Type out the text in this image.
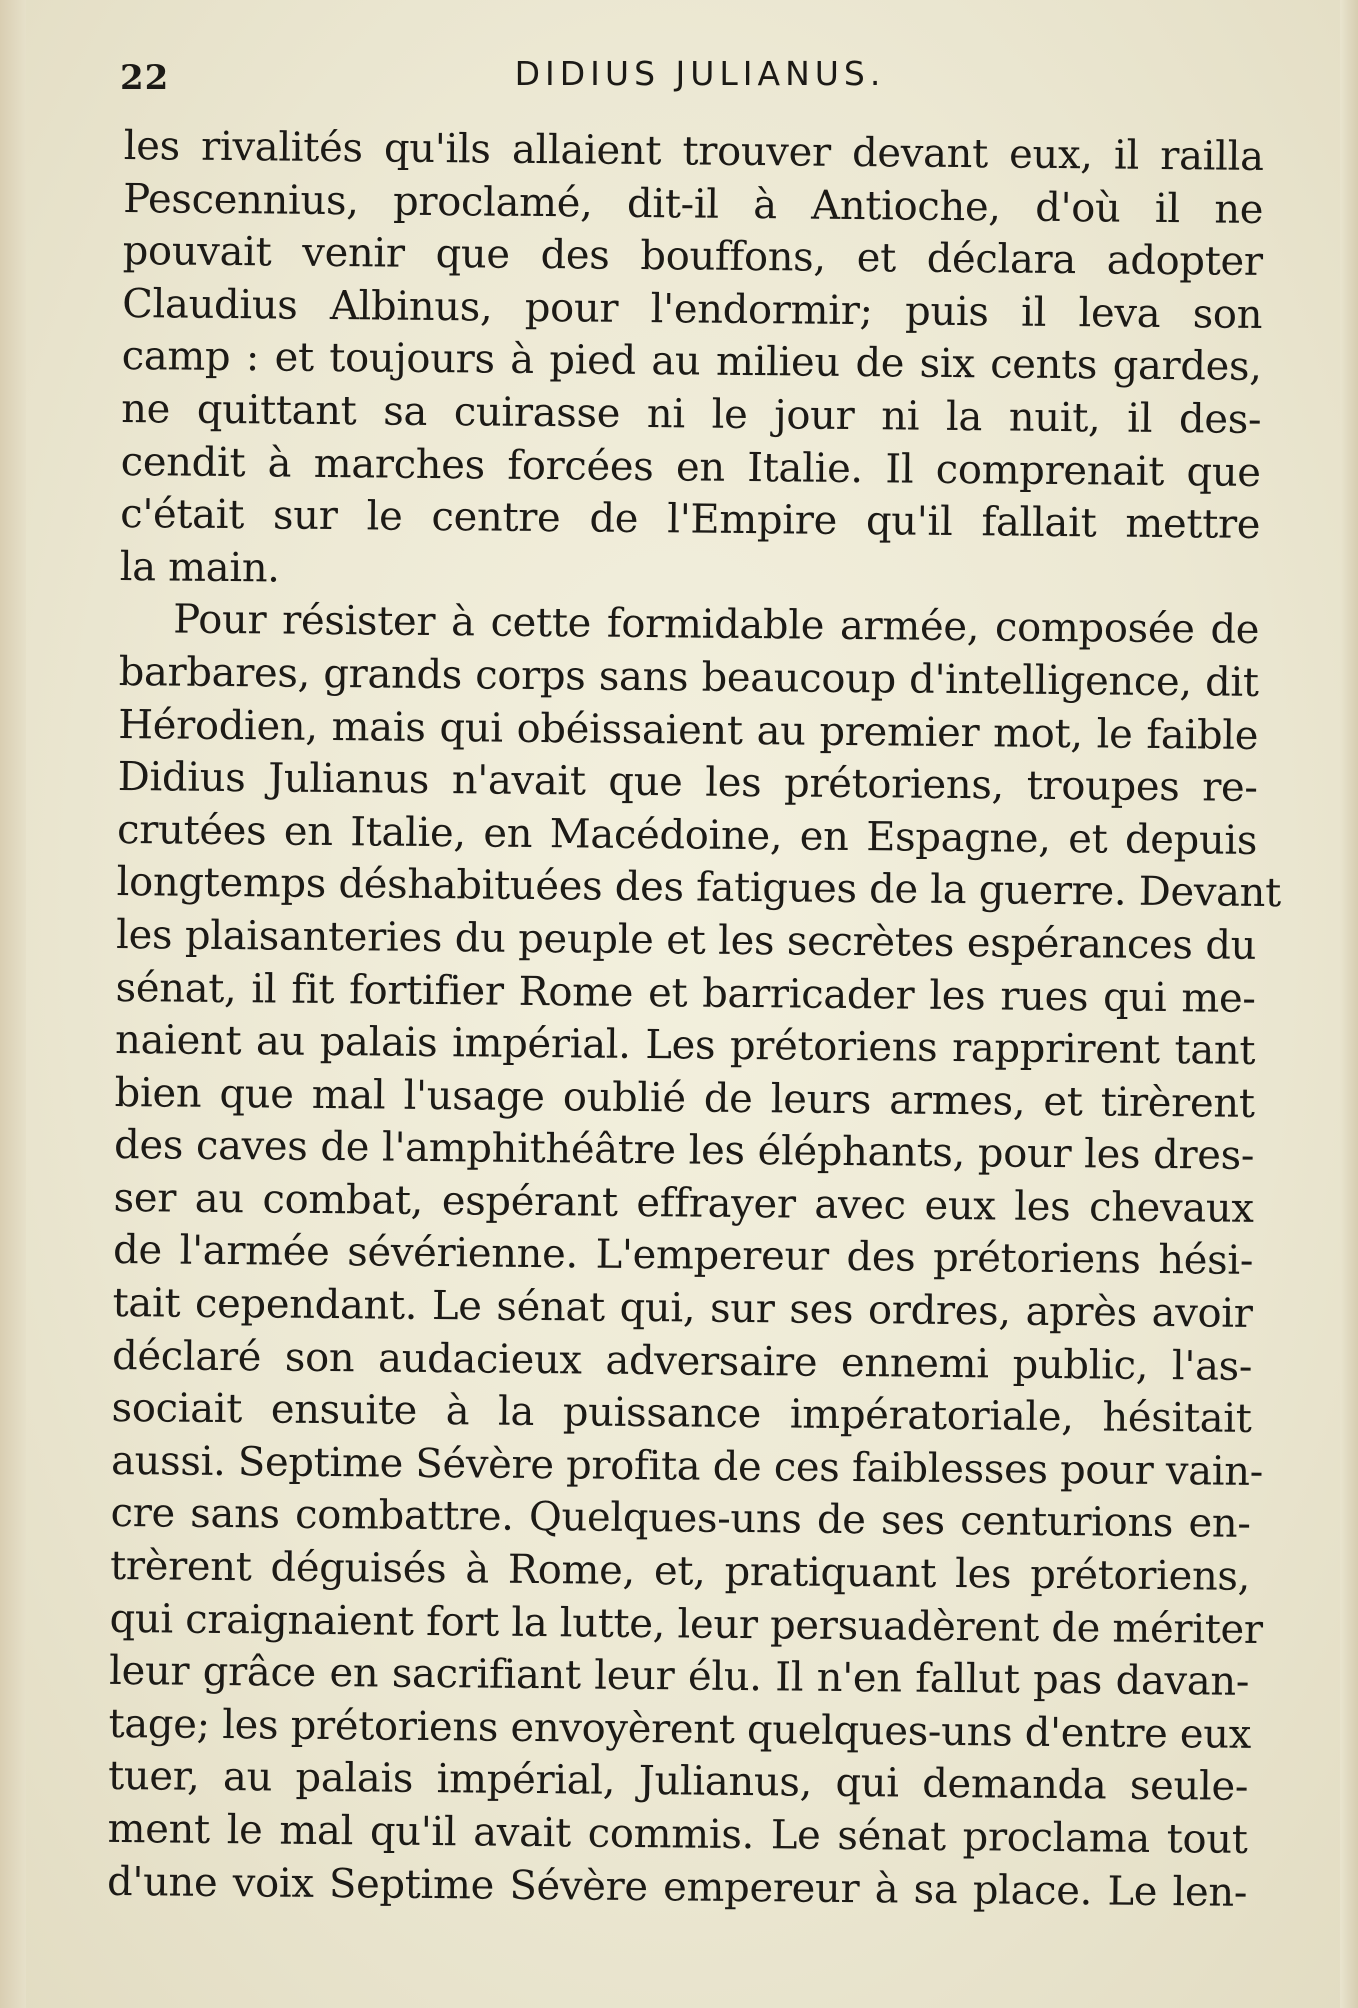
22	DIDIUS JULIANUS.
les rivalités qu'ils allaient trouver devant eux, il railla
Pescennius, proclamé, dit-il à Antioche, d'où il ne
pouvait venir que des bouffons, et déclara adopter
Claudius Albinus, pour l'endormir; puis il leva son
camp : et toujours à pied au milieu de six cents gardes,
ne quittant sa cuirasse ni le jour ni la nuit, il des-
cendit à marches forcées en Italie. Il comprenait que
c'était sur le centre de l'Empire qu'il fallait mettre
la main.
Pour résister à cette formidable armée, composée de
barbares, grands corps sans beaucoup d'intelligence, dit
Hérodien, mais qui obéissaient au premier mot, le faible
Didius Julianus n'avait que les prétoriens, troupes re-
crutées en Italie, en Macédoine, en Espagne, et depuis
longtemps déshabituées des fatigues de la guerre. Devant
les plaisanteries du peuple et les secrètes espérances du
sénat, il fit fortifier Rome et barricader les rues qui me-
naient au palais impérial. Les prétoriens rapprirent tant
bien que mal l'usage oublié de leurs armes, et tirèrent
des caves de l'amphithéâtre les éléphants, pour les dres-
ser au combat, espérant effrayer avec eux les chevaux
de l'armée sévérienne. L'empereur des prétoriens hési-
tait cependant. Le sénat qui, sur ses ordres, après avoir
déclaré son audacieux adversaire ennemi public, l'as-
sociait ensuite à la puissance impératoriale, hésitait
aussi. Septime Sévère profita de ces faiblesses pour vain-
cre sans combattre. Quelques-uns de ses centurions en-
trèrent déguisés à Rome, et, pratiquant les prétoriens,
qui craignaient fort la lutte, leur persuadèrent de mériter
leur grâce en sacrifiant leur élu. Il n'en fallut pas davan-
tage; les prétoriens envoyèrent quelques-uns d'entre eux
tuer, au palais impérial, Julianus, qui demanda seule-
ment le mal qu'il avait commis. Le sénat proclama tout
d'une voix Septime Sévère empereur à sa place. Le len-
